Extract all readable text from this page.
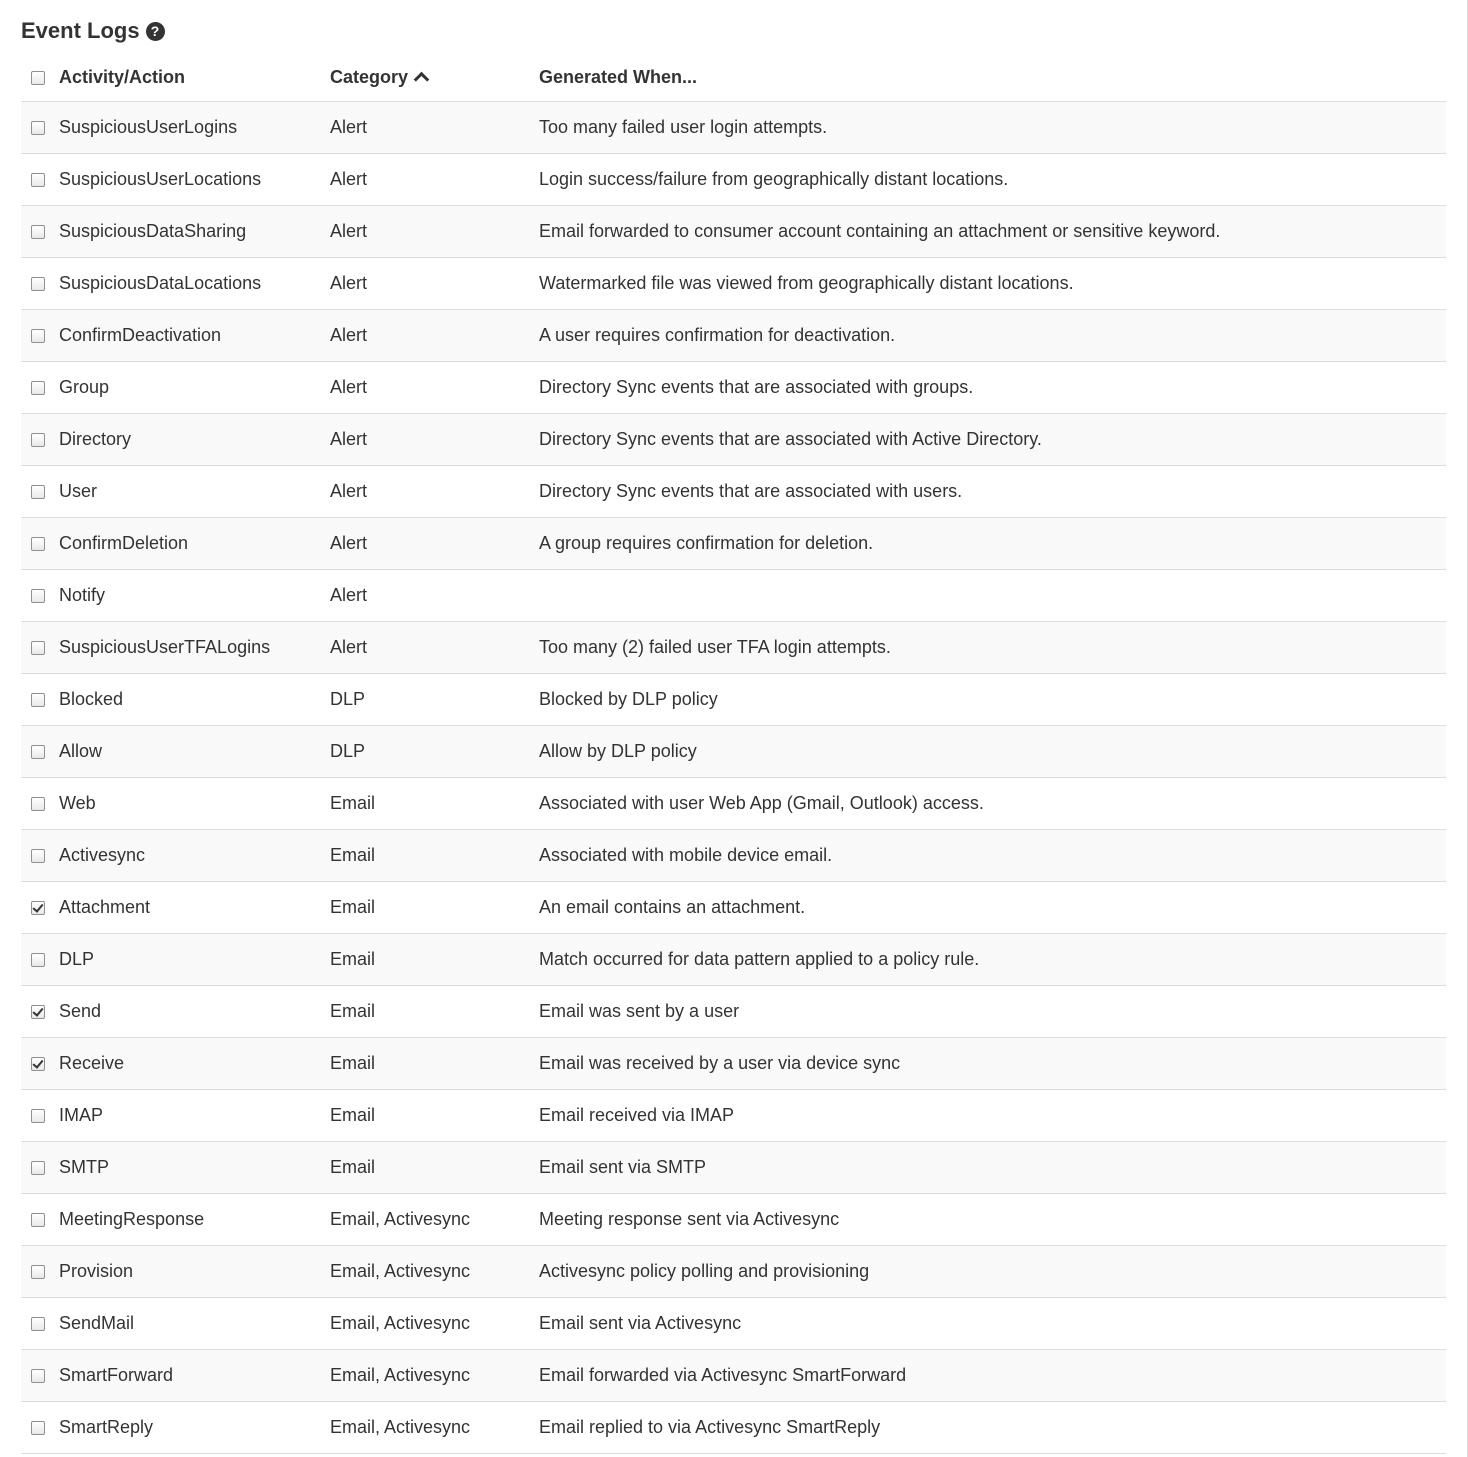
Event Logs ?
	Activity/Action	Category	Generated When...
	SuspiciousUserLogins	Alert	Too many failed user login attempts.
	SuspiciousUserLocations	Alert	Login success/failure from geographically distant locations.
	SuspiciousDataSharing	Alert	Email forwarded to consumer account containing an attachment or sensitive keyword.
	SuspiciousDataLocations	Alert	Watermarked file was viewed from geographically distant locations.
	ConfirmDeactivation	Alert	A user requires confirmation for deactivation.
	Group	Alert	Directory Sync events that are associated with groups.
	Directory	Alert	Directory Sync events that are associated with Active Directory.
	User	Alert	Directory Sync events that are associated with users.
	ConfirmDeletion	Alert	A group requires confirmation for deletion.
	Notify	Alert	
	SuspiciousUserTFALogins	Alert	Too many (2) failed user TFA login attempts.
	Blocked	DLP	Blocked by DLP policy
	Allow	DLP	Allow by DLP policy
	Web	Email	Associated with user Web App (Gmail, Outlook) access.
	Activesync	Email	Associated with mobile device email.
	Attachment	Email	An email contains an attachment.
	DLP	Email	Match occurred for data pattern applied to a policy rule.
	Send	Email	Email was sent by a user
	Receive	Email	Email was received by a user via device sync
	IMAP	Email	Email received via IMAP
	SMTP	Email	Email sent via SMTP
	MeetingResponse	Email, Activesync	Meeting response sent via Activesync
	Provision	Email, Activesync	Activesync policy polling and provisioning
	SendMail	Email, Activesync	Email sent via Activesync
	SmartForward	Email, Activesync	Email forwarded via Activesync SmartForward
	SmartReply	Email, Activesync	Email replied to via Activesync SmartReply
